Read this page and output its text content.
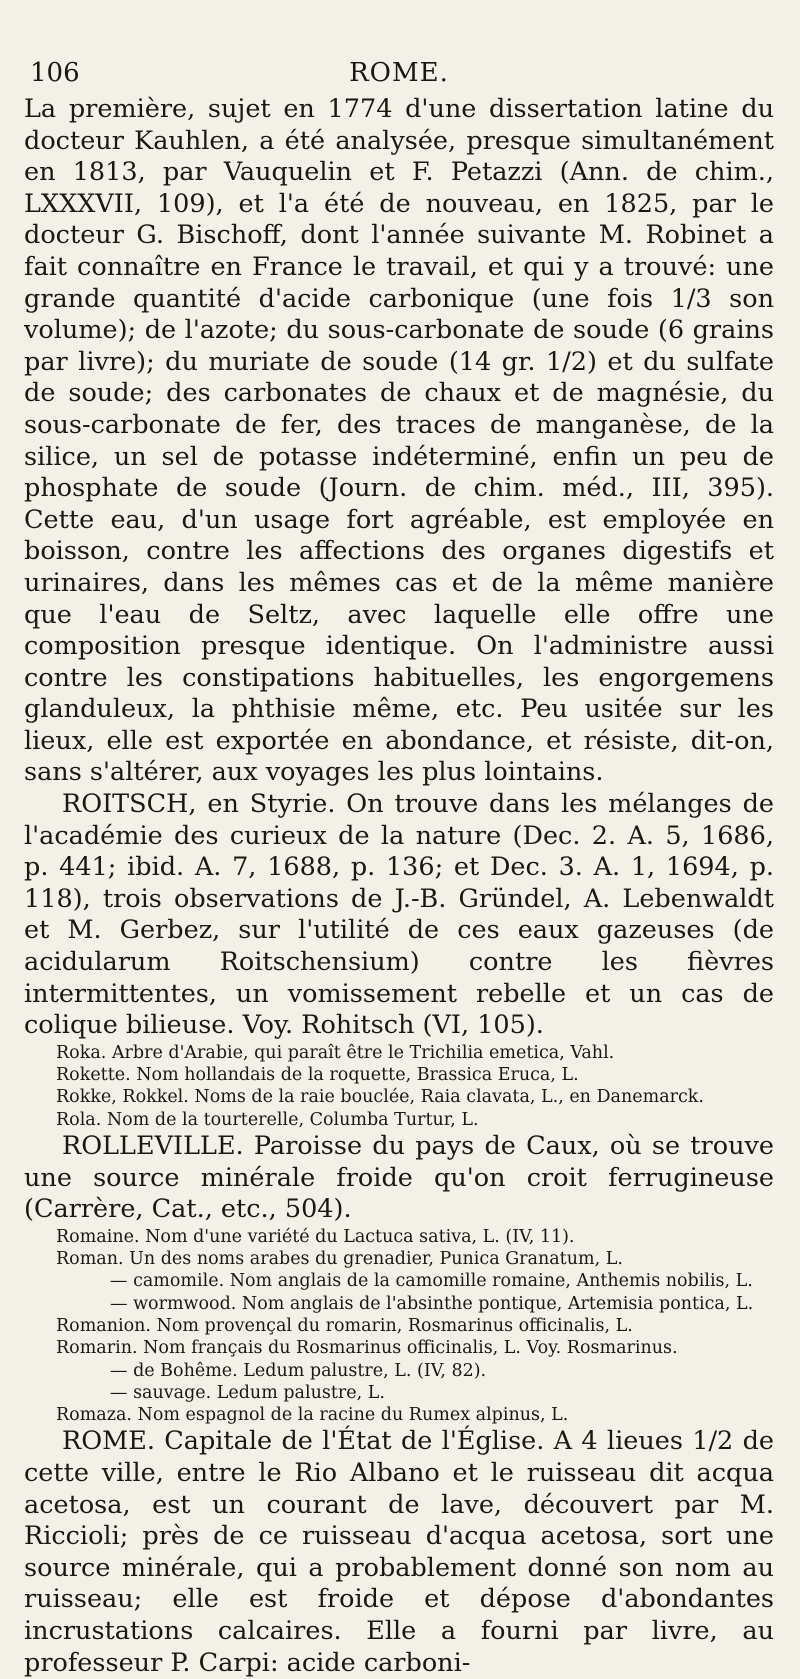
106	ROME.

La première, sujet en 1774 d'une dissertation latine du docteur Kauhlen, a été analysée, presque simultanément en 1813, par Vauquelin et F. Petazzi (Ann. de chim., LXXXVII, 109), et l'a été de nouveau, en 1825, par le docteur G. Bischoff, dont l'année suivante M. Robinet a fait connaître en France le travail, et qui y a trouvé: une grande quantité d'acide carbonique (une fois 1/3 son volume); de l'azote; du sous-carbonate de soude (6 grains par livre); du muriate de soude (14 gr. 1/2) et du sulfate de soude; des carbonates de chaux et de magnésie, du sous-carbonate de fer, des traces de manganèse, de la silice, un sel de potasse indéterminé, enfin un peu de phosphate de soude (Journ. de chim. méd., III, 395). Cette eau, d'un usage fort agréable, est employée en boisson, contre les affections des organes digestifs et urinaires, dans les mêmes cas et de la même manière que l'eau de Seltz, avec laquelle elle offre une composition presque identique. On l'administre aussi contre les constipations habituelles, les engorgemens glanduleux, la phthisie même, etc. Peu usitée sur les lieux, elle est exportée en abondance, et résiste, dit-on, sans s'altérer, aux voyages les plus lointains.

ROITSCH, en Styrie. On trouve dans les mélanges de l'académie des curieux de la nature (Dec. 2. A. 5, 1686, p. 441; ibid. A. 7, 1688, p. 136; et Dec. 3. A. 1, 1694, p. 118), trois observations de J.-B. Gründel, A. Lebenwaldt et M. Gerbez, sur l'utilité de ces eaux gazeuses (de acidularum Roitschensium) contre les fièvres intermittentes, un vomissement rebelle et un cas de colique bilieuse. Voy. Rohitsch (VI, 105).

Roka. Arbre d'Arabie, qui paraît être le Trichilia emetica, Vahl.

Rokette. Nom hollandais de la roquette, Brassica Eruca, L.

Rokke, Rokkel. Noms de la raie bouclée, Raia clavata, L., en Danemarck.

Rola. Nom de la tourterelle, Columba Turtur, L.

ROLLEVILLE. Paroisse du pays de Caux, où se trouve une source minérale froide qu'on croit ferrugineuse (Carrère, Cat., etc., 504).

Romaine. Nom d'une variété du Lactuca sativa, L. (IV, 11).

Roman. Un des noms arabes du grenadier, Punica Granatum, L.

— camomile. Nom anglais de la camomille romaine, Anthemis nobilis, L.

— wormwood. Nom anglais de l'absinthe pontique, Artemisia pontica, L.

Romanion. Nom provençal du romarin, Rosmarinus officinalis, L.

Romarin. Nom français du Rosmarinus officinalis, L. Voy. Rosmarinus.

— de Bohême. Ledum palustre, L. (IV, 82).

— sauvage. Ledum palustre, L.

Romaza. Nom espagnol de la racine du Rumex alpinus, L.

ROME. Capitale de l'État de l'Église. A 4 lieues 1/2 de cette ville, entre le Rio Albano et le ruisseau dit acqua acetosa, est un courant de lave, découvert par M. Riccioli; près de ce ruisseau d'acqua acetosa, sort une source minérale, qui a probablement donné son nom au ruisseau; elle est froide et dépose d'abondantes incrustations calcaires. Elle a fourni par livre, au professeur P. Carpi: acide carboni-
